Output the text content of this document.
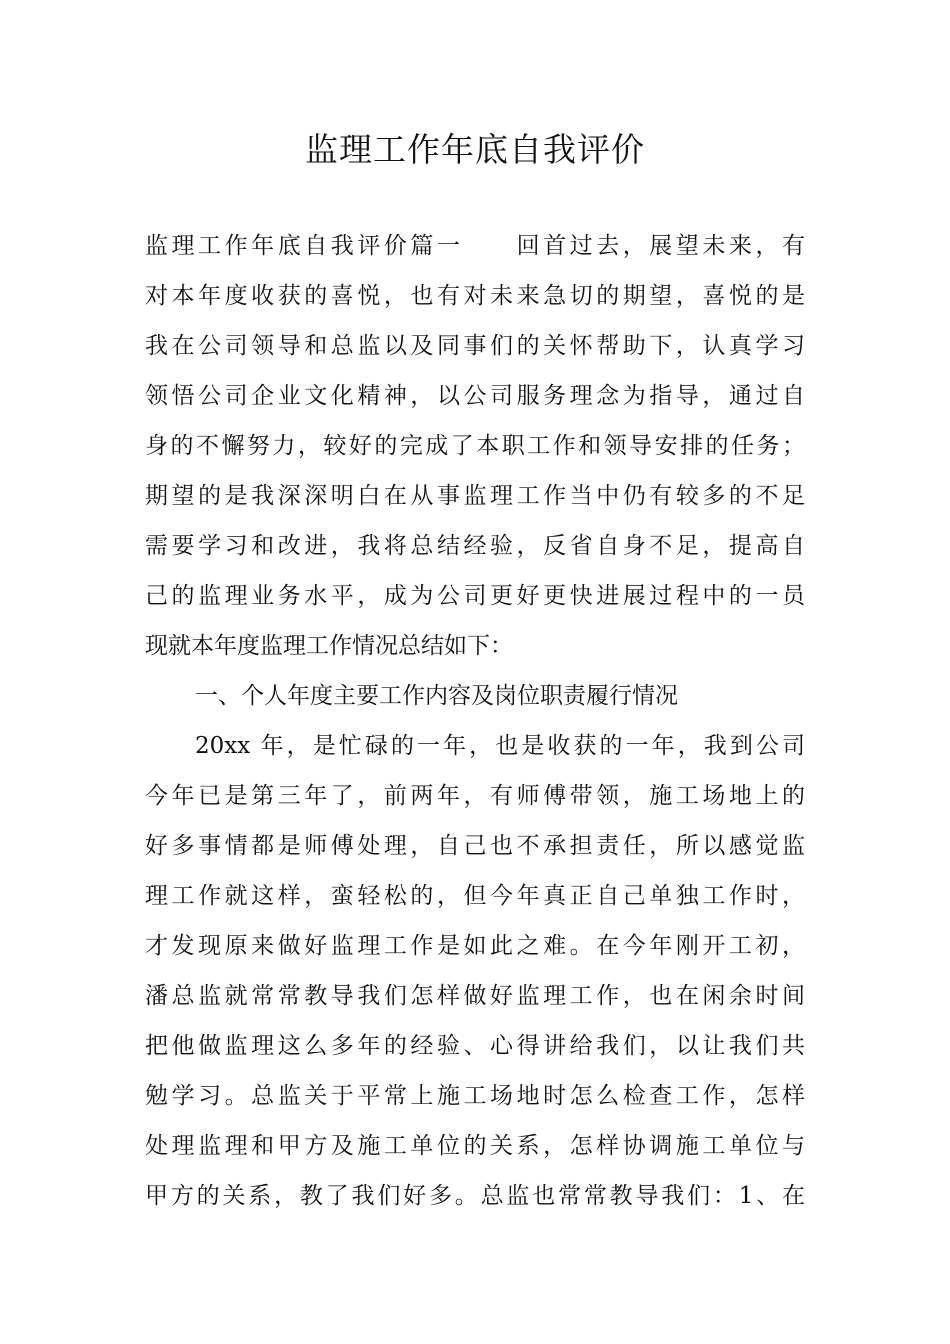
监理工作年底自我评价
监理工作年底自我评价篇一　　回首过去，展望未来，有
对本年度收获的喜悦，也有对未来急切的期望，喜悦的是
我在公司领导和总监以及同事们的关怀帮助下，认真学习
领悟公司企业文化精神，以公司服务理念为指导，通过自
身的不懈努力，较好的完成了本职工作和领导安排的任务；
期望的是我深深明白在从事监理工作当中仍有较多的不足
需要学习和改进，我将总结经验，反省自身不足，提高自
己的监理业务水平，成为公司更好更快进展过程中的一员
现就本年度监理工作情况总结如下：
一、个人年度主要工作内容及岗位职责履行情况
20xx 年，是忙碌的一年，也是收获的一年，我到公司
今年已是第三年了，前两年，有师傅带领，施工场地上的
好多事情都是师傅处理，自己也不承担责任，所以感觉监
理工作就这样，蛮轻松的，但今年真正自己单独工作时，
才发现原来做好监理工作是如此之难。在今年刚开工初，
潘总监就常常教导我们怎样做好监理工作，也在闲余时间
把他做监理这么多年的经验、心得讲给我们，以让我们共
勉学习。总监关于平常上施工场地时怎么检查工作，怎样
处理监理和甲方及施工单位的关系，怎样协调施工单位与
甲方的关系，教了我们好多。总监也常常教导我们：1、在
